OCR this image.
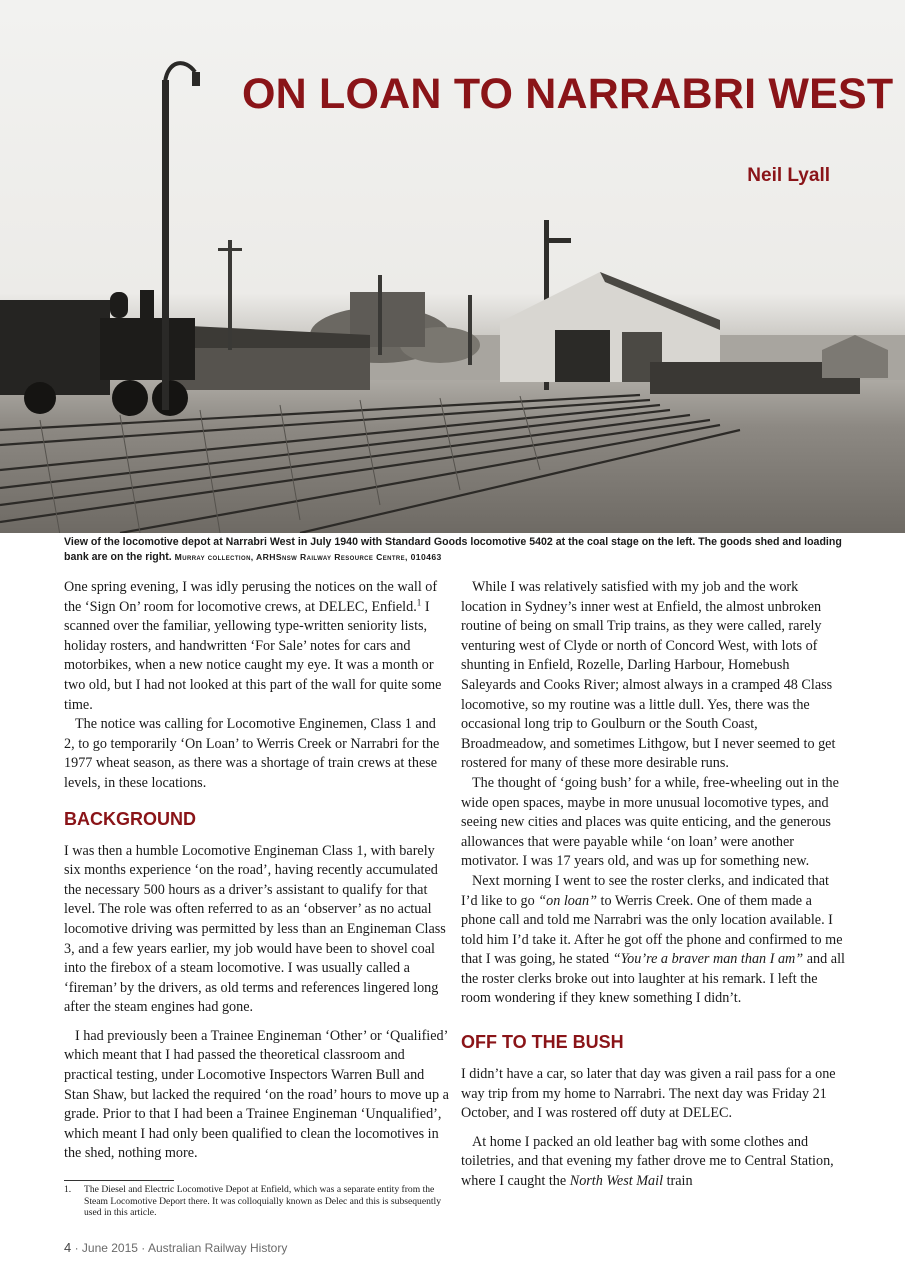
ON LOAN TO NARRABRI WEST

Neil Lyall

View of the locomotive depot at Narrabri West in July 1940 with Standard Goods locomotive 5402 at the coal stage on the left. The goods shed and loading bank are on the right. Murray collection, ARHSnsw Railway Resource Centre, 010463

One spring evening, I was idly perusing the notices on the wall of the ‘Sign On’ room for locomotive crews, at DELEC, Enfield.$^1$ I scanned over the familiar, yellowing type-written seniority lists, holiday rosters, and handwritten ‘For Sale’ notes for cars and motorbikes, when a new notice caught my eye. It was a month or two old, but I had not looked at this part of the wall for quite some time.

The notice was calling for Locomotive Enginemen, Class 1 and 2, to go temporarily ‘On Loan’ to Werris Creek or Narrabri for the 1977 wheat season, as there was a shortage of train crews at these levels, in these locations.

BACKGROUND

I was then a humble Locomotive Engineman Class 1, with barely six months experience ‘on the road’, having recently accumulated the necessary 500 hours as a driver’s assistant to qualify for that level. The role was often referred to as an ‘observer’ as no actual locomotive driving was permitted by less than an Engineman Class 3, and a few years earlier, my job would have been to shovel coal into the firebox of a steam locomotive. I was usually called a ‘fireman’ by the drivers, as old terms and references lingered long after the steam engines had gone.

I had previously been a Trainee Engineman ‘Other’ or ‘Qualified’ which meant that I had passed the theoretical classroom and practical testing, under Locomotive Inspectors Warren Bull and Stan Shaw, but lacked the required ‘on the road’ hours to move up a grade. Prior to that I had been a Trainee Engineman ‘Unqualified’, which meant I had only been qualified to clean the locomotives in the shed, nothing more.

1. The Diesel and Electric Locomotive Depot at Enfield, which was a separate entity from the Steam Locomotive Deport there. It was colloquially known as Delec and this is subsequently used in this article.

While I was relatively satisfied with my job and the work location in Sydney’s inner west at Enfield, the almost unbroken routine of being on small Trip trains, as they were called, rarely venturing west of Clyde or north of Concord West, with lots of shunting in Enfield, Rozelle, Darling Harbour, Homebush Saleyards and Cooks River; almost always in a cramped 48 Class locomotive, so my routine was a little dull. Yes, there was the occasional long trip to Goulburn or the South Coast, Broadmeadow, and sometimes Lithgow, but I never seemed to get rostered for many of these more desirable runs.

The thought of ‘going bush’ for a while, free-wheeling out in the wide open spaces, maybe in more unusual locomotive types, and seeing new cities and places was quite enticing, and the generous allowances that were payable while ‘on loan’ were another motivator. I was 17 years old, and was up for something new.

Next morning I went to see the roster clerks, and indicated that I’d like to go “on loan” to Werris Creek. One of them made a phone call and told me Narrabri was the only location available. I told him I’d take it. After he got off the phone and confirmed to me that I was going, he stated “You’re a braver man than I am” and all the roster clerks broke out into laughter at his remark. I left the room wondering if they knew something I didn’t.

OFF TO THE BUSH

I didn’t have a car, so later that day was given a rail pass for a one way trip from my home to Narrabri. The next day was Friday 21 October, and I was rostered off duty at DELEC.

At home I packed an old leather bag with some clothes and toiletries, and that evening my father drove me to Central Station, where I caught the North West Mail train

4 · June 2015 · Australian Railway History
